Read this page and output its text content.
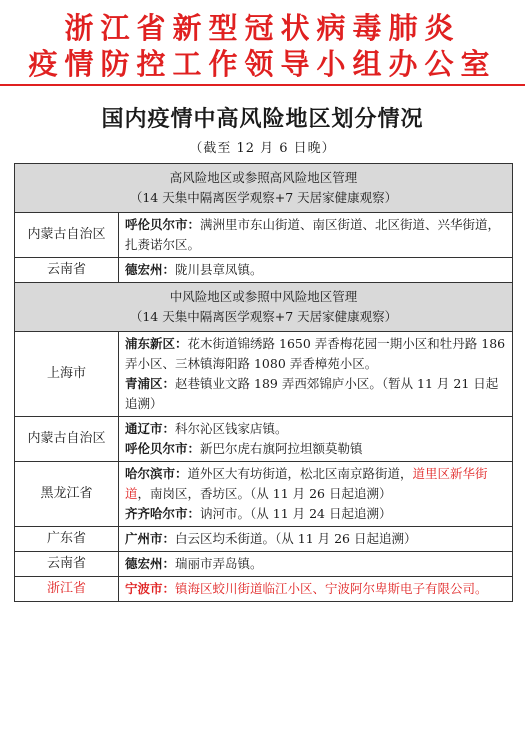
浙江省新型冠状病毒肺炎
疫情防控工作领导小组办公室
国内疫情中高风险地区划分情况
（截至 12 月 6 日晚）
高风险地区或参照高风险地区管理
（14 天集中隔离医学观察+7 天居家健康观察）	

内蒙古自治区	呼伦贝尔市：满洲里市东山街道、南区街道、北区街道、兴华街道，扎赉诺尔区。
云南省	德宏州：陇川县章凤镇。

中风险地区或参照中风险地区管理
（14 天集中隔离医学观察+7 天居家健康观察）	

上海市	浦东新区：花木街道锦绣路 1650 弄香梅花园一期小区和牡丹路 186 弄小区、三林镇海阳路 1080 弄香樟苑小区。
青浦区：赵巷镇业文路 189 弄西郊锦庐小区。（暂从 11 月 21 日起追溯）

内蒙古自治区	通辽市：科尔沁区钱家店镇。
呼伦贝尔市：新巴尔虎右旗阿拉坦额莫勒镇

黑龙江省	哈尔滨市：道外区大有坊街道，松北区南京路街道，道里区新华街道，南岗区，香坊区。（从 11 月 26 日起追溯）
齐齐哈尔市：讷河市。（从 11 月 24 日起追溯）

广东省	广州市：白云区均禾街道。（从 11 月 26 日起追溯）
云南省	德宏州：瑞丽市弄岛镇。
浙江省	宁波市：镇海区蛟川街道临江小区、宁波阿尔卑斯电子有限公司。
